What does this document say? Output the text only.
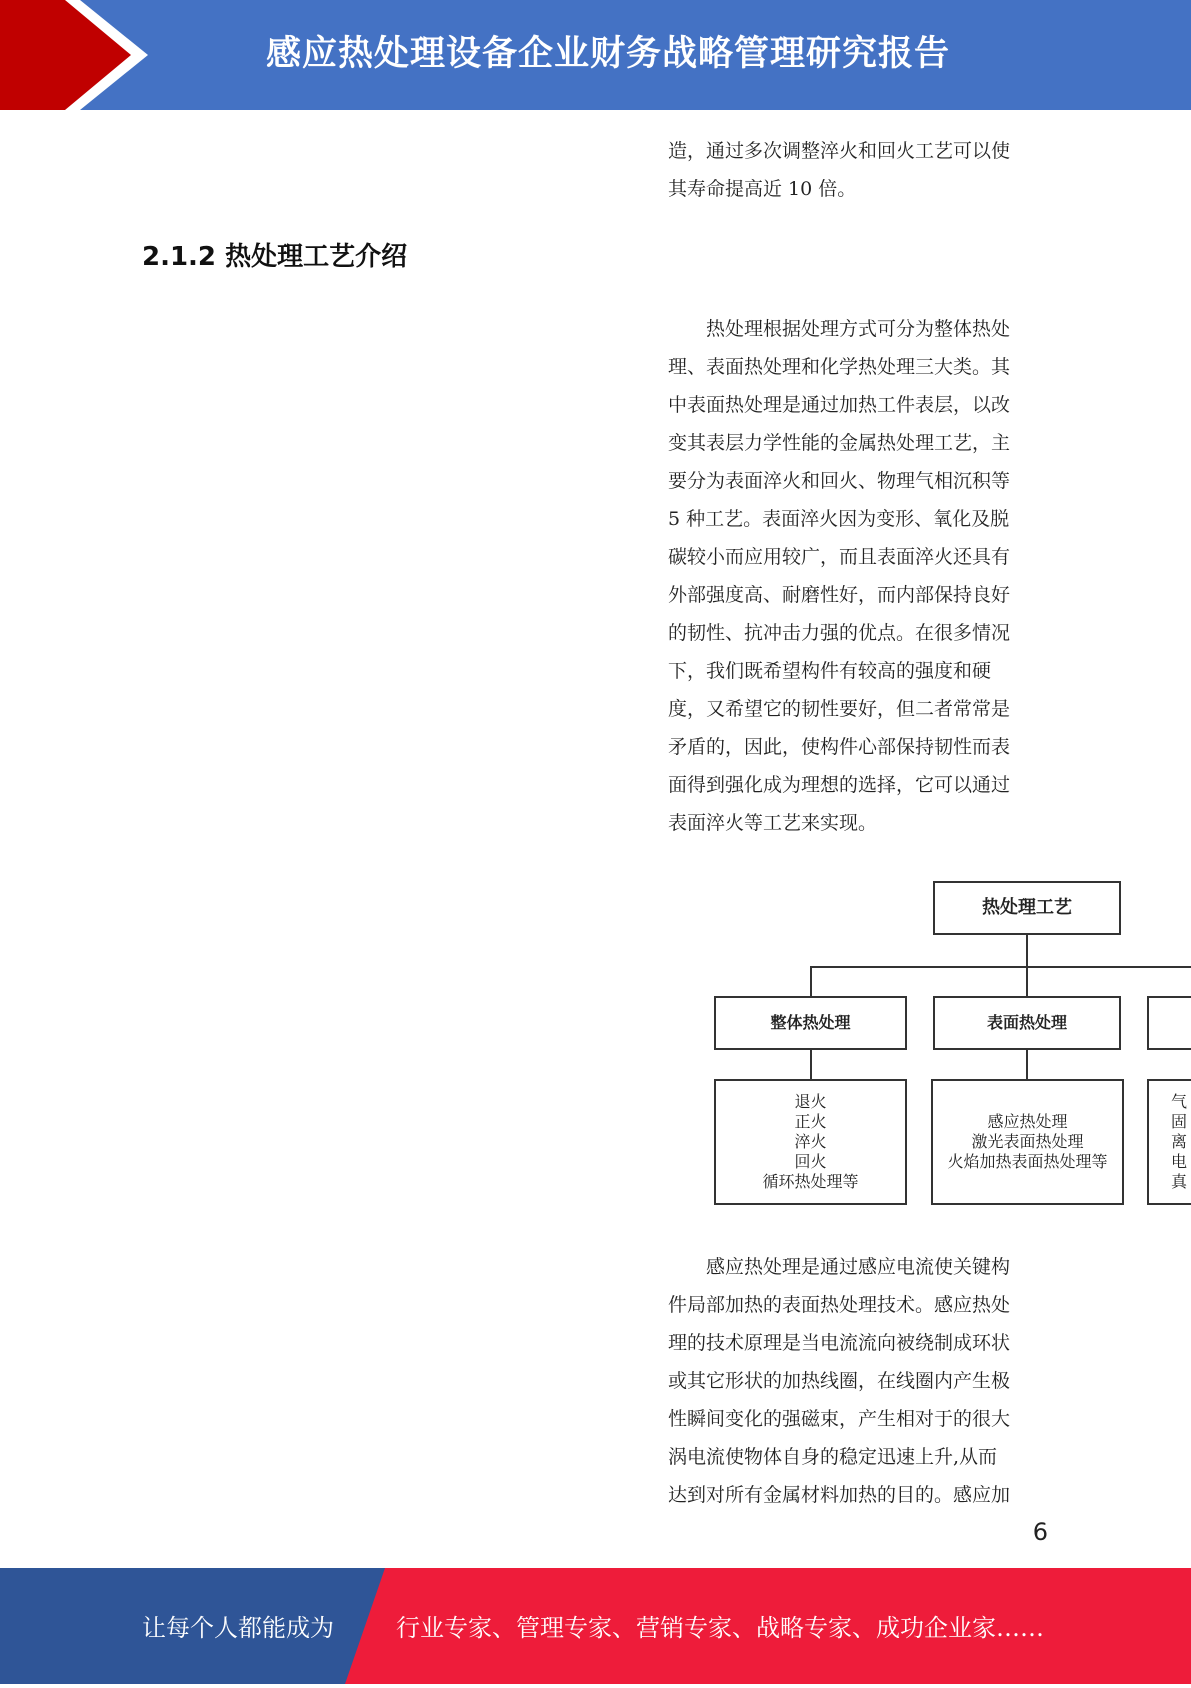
感应热处理设备企业财务战略管理研究报告

造，通过多次调整淬火和回火工艺可以使
其寿命提高近 10 倍。

2.1.2 热处理工艺介绍

热处理根据处理方式可分为整体热处
理、表面热处理和化学热处理三大类。其
中表面热处理是通过加热工件表层，以改
变其表层力学性能的金属热处理工艺，主
要分为表面淬火和回火、物理气相沉积等
5 种工艺。表面淬火因为变形、氧化及脱
碳较小而应用较广，而且表面淬火还具有
外部强度高、耐磨性好，而内部保持良好
的韧性、抗冲击力强的优点。在很多情况
下，我们既希望构件有较高的强度和硬
度，又希望它的韧性要好，但二者常常是
矛盾的，因此，使构件心部保持韧性而表
面得到强化成为理想的选择，它可以通过
表面淬火等工艺来实现。

热处理工艺
整体热处理	表面热处理
退火
正火
淬火
回火
循环热处理等
感应热处理
激光表面热处理
火焰加热表面热处理等
气
固
离
电
真

感应热处理是通过感应电流使关键构
件局部加热的表面热处理技术。感应热处
理的技术原理是当电流流向被绕制成环状
或其它形状的加热线圈，在线圈内产生极
性瞬间变化的强磁束，产生相对于的很大
涡电流使物体自身的稳定迅速上升,从而
达到对所有金属材料加热的目的。感应加

6
让每个人都能成为	行业专家、管理专家、营销专家、战略专家、成功企业家……
